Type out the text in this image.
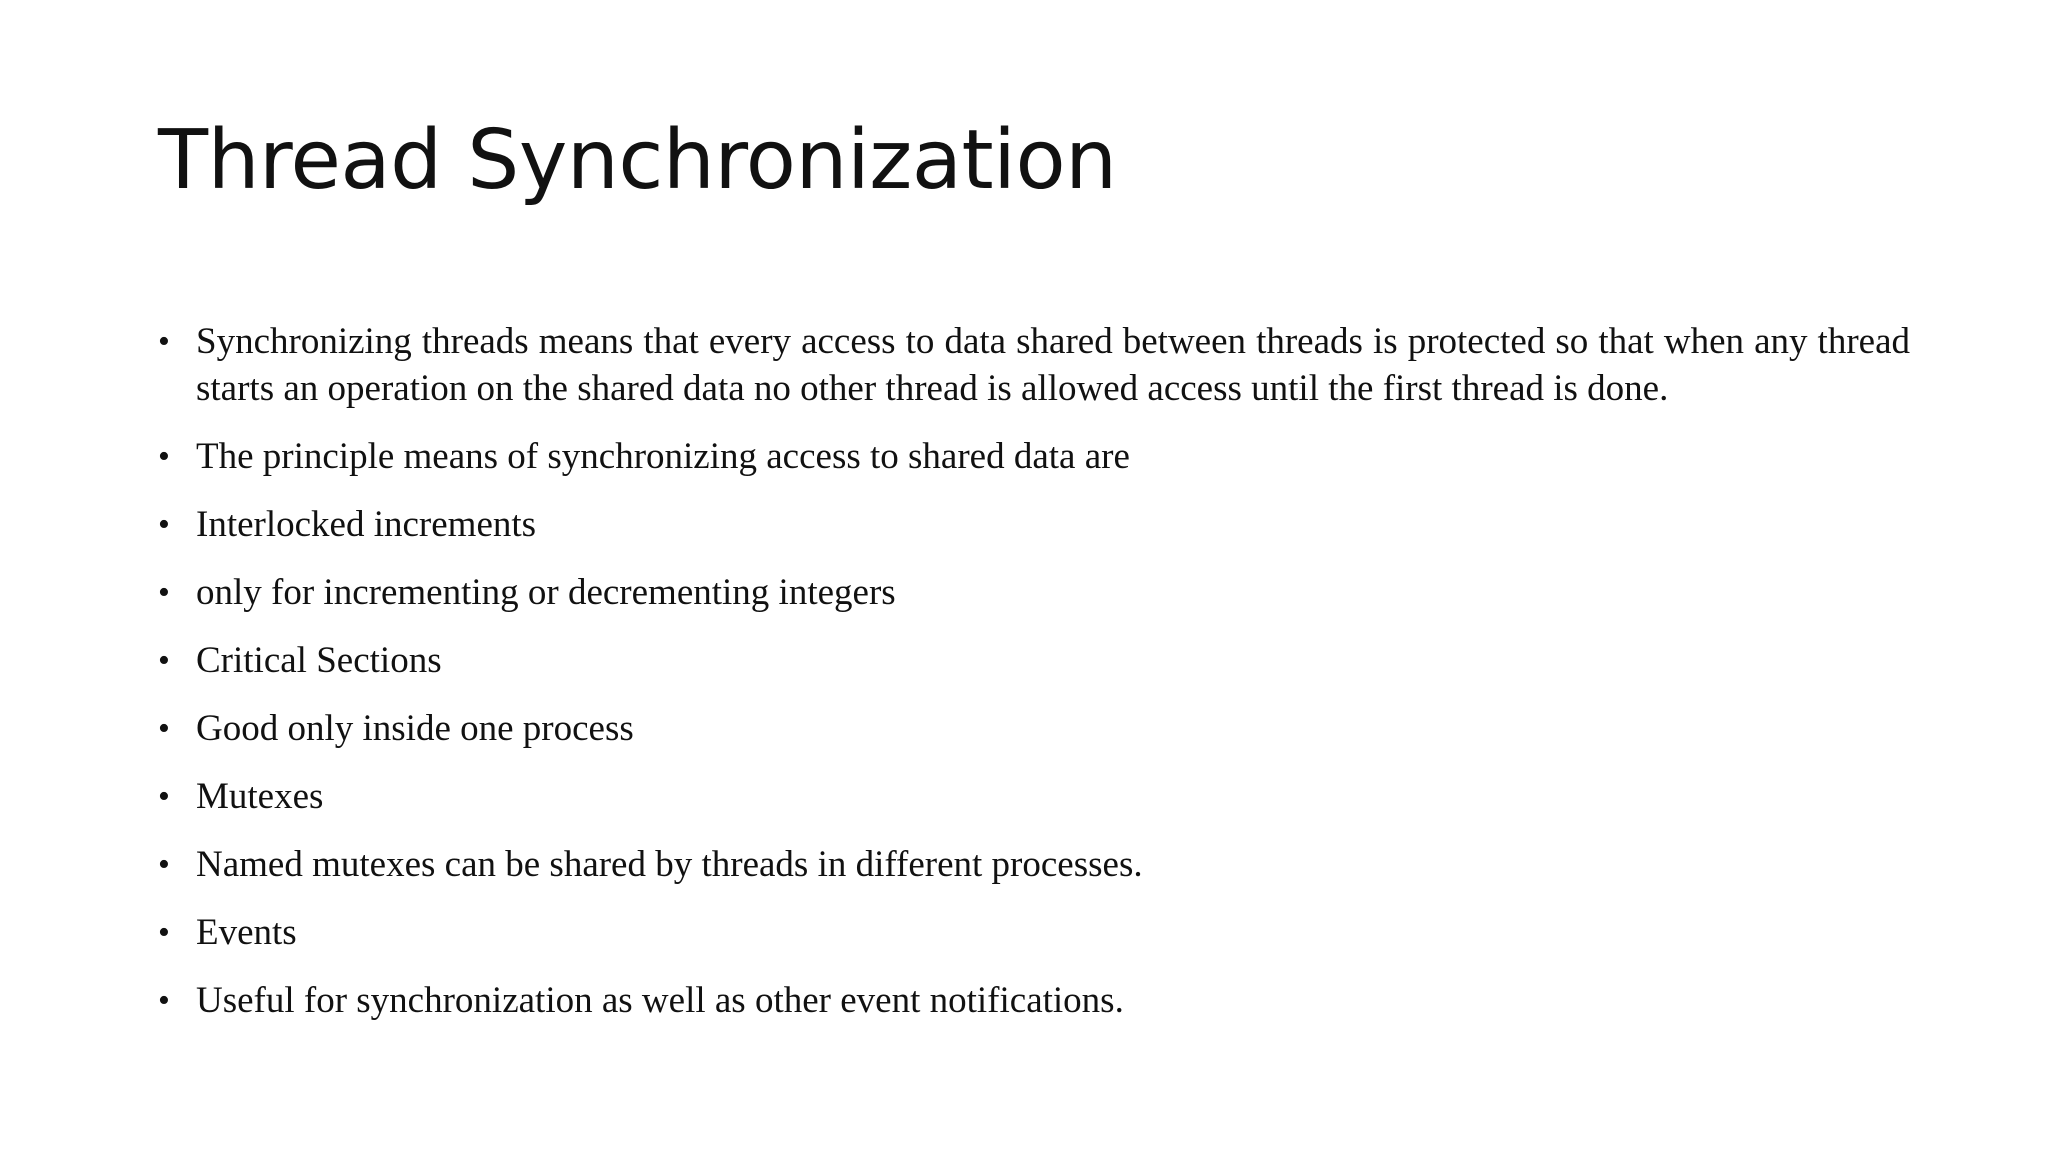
Thread Synchronization
• Synchronizing threads means that every access to data shared between threads is protected so that when any thread starts an operation on the shared data no other thread is allowed access until the first thread is done.
• The principle means of synchronizing access to shared data are
• Interlocked increments
• only for incrementing or decrementing integers
• Critical Sections
• Good only inside one process
• Mutexes
• Named mutexes can be shared by threads in different processes.
• Events
• Useful for synchronization as well as other event notifications.
